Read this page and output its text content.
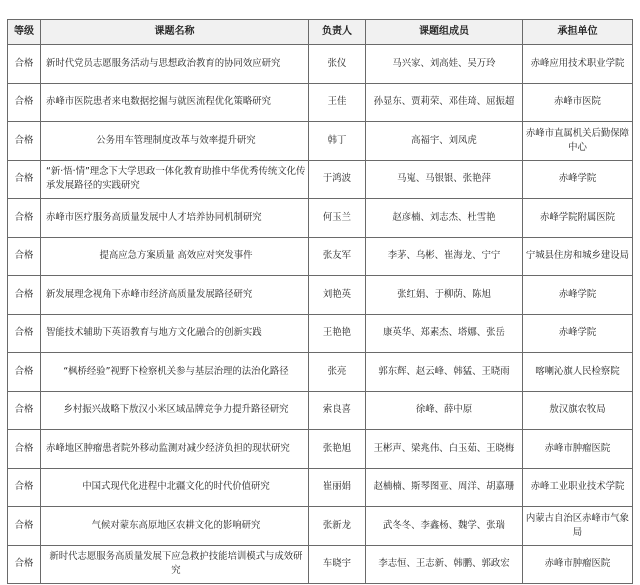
等级	课题名称	负责人	课题组成员	承担单位
合格	新时代党员志愿服务活动与思想政治教育的协同效应研究	张仪	马兴家、刘高娃、吴万玲	赤峰应用技术职业学院
合格	赤峰市医院患者来电数据挖掘与就医流程优化策略研究	王佳	孙显东、贾莉荣、邓佳琦、屈振超	赤峰市医院
合格	公务用车管理制度改革与效率提升研究	韩丁	高福宇、刘凤虎	赤峰市直属机关后勤保障中心
合格	“新·悟·情”理念下大学思政一体化教育助推中华优秀传统文化传承发展路径的实践研究	于鸿波	马嵬、马银银、张艳萍	赤峰学院
合格	赤峰市医疗服务高质量发展中人才培养协同机制研究	何玉兰	赵彦楠、刘志杰、杜雪艳	赤峰学院附属医院
合格	提高应急方案质量 高效应对突发事件	张友军	李茅、乌彬、崔海龙、宁宁	宁城县住房和城乡建设局
合格	新发展理念视角下赤峰市经济高质量发展路径研究	刘艳英	张红娟、于柳荫、陈旭	赤峰学院
合格	智能技术辅助下英语教育与地方文化融合的创新实践	王艳艳	康英华、郑素杰、塔娜、张岳	赤峰学院
合格	“枫桥经验”视野下检察机关参与基层治理的法治化路径	张亮	郭东辉、赵云峰、韩猛、王晓雨	喀喇沁旗人民检察院
合格	乡村振兴战略下敖汉小米区域品牌竞争力提升路径研究	索良喜	徐峰、薛中原	敖汉旗农牧局
合格	赤峰地区肿瘤患者院外移动监测对减少经济负担的现状研究	张艳旭	王彬声、梁兆伟、白玉茹、王晓梅	赤峰市肿瘤医院
合格	中国式现代化进程中北疆文化的时代价值研究	崔丽娟	赵楠楠、斯琴图亚、周洋、胡嘉珊	赤峰工业职业技术学院
合格	气候对蒙东高原地区农耕文化的影响研究	张新龙	武冬冬、李鑫杨、魏学、张瑞	内蒙古自治区赤峰市气象局
合格	新时代志愿服务高质量发展下应急救护技能培训模式与成效研究	车晓宇	李志恒、王志新、韩鹏、郭政宏	赤峰市肿瘤医院
